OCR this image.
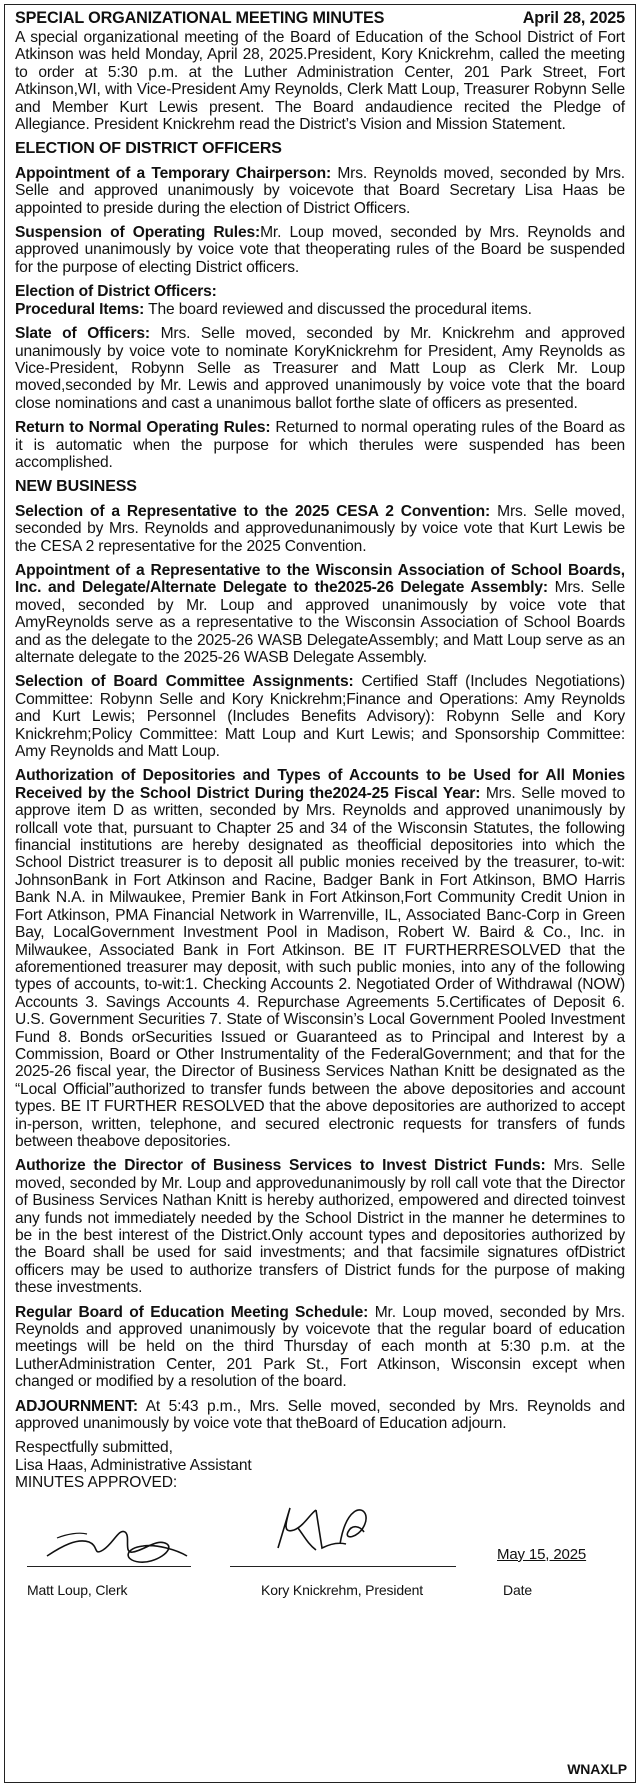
SPECIAL ORGANIZATIONAL MEETING MINUTES	April 28, 2025

A special organizational meeting of the Board of Education of the School District of Fort Atkinson was held Monday, April 28, 2025.President, Kory Knickrehm, called the meeting to order at 5:30 p.m. at the Luther Administration Center, 201 Park Street, Fort Atkinson,WI, with Vice-President Amy Reynolds, Clerk Matt Loup, Treasurer Robynn Selle and Member Kurt Lewis present. The Board andaudience recited the Pledge of Allegiance. President Knickrehm read the District’s Vision and Mission Statement.

ELECTION OF DISTRICT OFFICERS

Appointment of a Temporary Chairperson: Mrs. Reynolds moved, seconded by Mrs. Selle and approved unanimously by voicevote that Board Secretary Lisa Haas be appointed to preside during the election of District Officers.

Suspension of Operating Rules:Mr. Loup moved, seconded by Mrs. Reynolds and approved unanimously by voice vote that theoperating rules of the Board be suspended for the purpose of electing District officers.

Election of District Officers:
Procedural Items: The board reviewed and discussed the procedural items.

Slate of Officers: Mrs. Selle moved, seconded by Mr. Knickrehm and approved unanimously by voice vote to nominate KoryKnickrehm for President, Amy Reynolds as Vice-President, Robynn Selle as Treasurer and Matt Loup as Clerk Mr. Loup moved,seconded by Mr. Lewis and approved unanimously by voice vote that the board close nominations and cast a unanimous ballot forthe slate of officers as presented.

Return to Normal Operating Rules: Returned to normal operating rules of the Board as it is automatic when the purpose for which therules were suspended has been accomplished.

NEW BUSINESS

Selection of a Representative to the 2025 CESA 2 Convention: Mrs. Selle moved, seconded by Mrs. Reynolds and approvedunanimously by voice vote that Kurt Lewis be the CESA 2 representative for the 2025 Convention.

Appointment of a Representative to the Wisconsin Association of School Boards, Inc. and Delegate/Alternate Delegate to the2025-26 Delegate Assembly: Mrs. Selle moved, seconded by Mr. Loup and approved unanimously by voice vote that AmyReynolds serve as a representative to the Wisconsin Association of School Boards and as the delegate to the 2025-26 WASB DelegateAssembly; and Matt Loup serve as an alternate delegate to the 2025-26 WASB Delegate Assembly.

Selection of Board Committee Assignments: Certified Staff (Includes Negotiations) Committee: Robynn Selle and Kory Knickrehm;Finance and Operations: Amy Reynolds and Kurt Lewis; Personnel (Includes Benefits Advisory): Robynn Selle and Kory Knickrehm;Policy Committee: Matt Loup and Kurt Lewis; and Sponsorship Committee: Amy Reynolds and Matt Loup.

Authorization of Depositories and Types of Accounts to be Used for All Monies Received by the School District During the2024-25 Fiscal Year: Mrs. Selle moved to approve item D as written, seconded by Mrs. Reynolds and approved unanimously by rollcall vote that, pursuant to Chapter 25 and 34 of the Wisconsin Statutes, the following financial institutions are hereby designated as theofficial depositories into which the School District treasurer is to deposit all public monies received by the treasurer, to-wit: JohnsonBank in Fort Atkinson and Racine, Badger Bank in Fort Atkinson, BMO Harris Bank N.A. in Milwaukee, Premier Bank in Fort Atkinson,Fort Community Credit Union in Fort Atkinson, PMA Financial Network in Warrenville, IL, Associated Banc-Corp in Green Bay, LocalGovernment Investment Pool in Madison, Robert W. Baird & Co., Inc. in Milwaukee, Associated Bank in Fort Atkinson. BE IT FURTHERRESOLVED that the aforementioned treasurer may deposit, with such public monies, into any of the following types of accounts, to-wit:1. Checking Accounts 2. Negotiated Order of Withdrawal (NOW) Accounts 3. Savings Accounts 4. Repurchase Agreements 5.Certificates of Deposit 6. U.S. Government Securities 7. State of Wisconsin’s Local Government Pooled Investment Fund 8. Bonds orSecurities Issued or Guaranteed as to Principal and Interest by a Commission, Board or Other Instrumentality of the FederalGovernment; and that for the 2025-26 fiscal year, the Director of Business Services Nathan Knitt be designated as the “Local Official”authorized to transfer funds between the above depositories and account types. BE IT FURTHER RESOLVED that the above depositories are authorized to accept in-person, written, telephone, and secured electronic requests for transfers of funds between theabove depositories.

Authorize the Director of Business Services to Invest District Funds: Mrs. Selle moved, seconded by Mr. Loup and approvedunanimously by roll call vote that the Director of Business Services Nathan Knitt is hereby authorized, empowered and directed toinvest any funds not immediately needed by the School District in the manner he determines to be in the best interest of the District.Only account types and depositories authorized by the Board shall be used for said investments; and that facsimile signatures ofDistrict officers may be used to authorize transfers of District funds for the purpose of making these investments.

Regular Board of Education Meeting Schedule: Mr. Loup moved, seconded by Mrs. Reynolds and approved unanimously by voicevote that the regular board of education meetings will be held on the third Thursday of each month at 5:30 p.m. at the LutherAdministration Center, 201 Park St., Fort Atkinson, Wisconsin except when changed or modified by a resolution of the board.

ADJOURNMENT: At 5:43 p.m., Mrs. Selle moved, seconded by Mrs. Reynolds and approved unanimously by voice vote that theBoard of Education adjourn.

Respectfully submitted,
Lisa Haas, Administrative Assistant
MINUTES APPROVED:
Matt Loup, Clerk	Kory Knickrehm, President
May 15, 2025
Date
WNAXLP
